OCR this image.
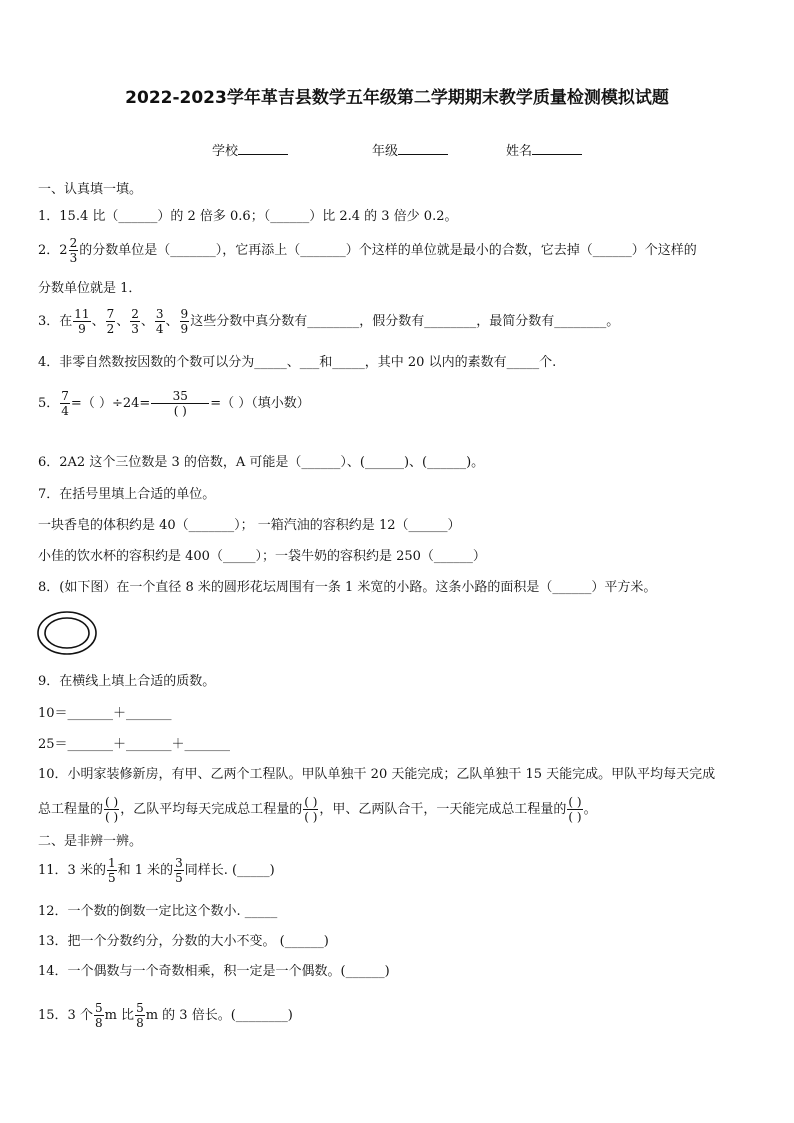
2022-2023学年革吉县数学五年级第二学期期末教学质量检测模拟试题
学校	年级	姓名
一、认真填一填。
1．15.4 比（______）的 2 倍多 0.6；（______）比 2.4 的 3 倍少 0.2。
2．$2 \frac{2}{3}$ 的分数单位是（_______），它再添上（_______）个这样的单位就是最小的合数，它去掉（______）个这样的
分数单位就是 1．
3．在 $\frac{11}{9}$ 、 $\frac{7}{2}$ 、 $\frac{2}{3}$ 、 $\frac{3}{4}$ 、 $\frac{9}{9}$ 这些分数中真分数有________，假分数有________，最简分数有________。
4．非零自然数按因数的个数可以分为_____、___和_____，其中 20 以内的素数有_____个.
5． $\frac{7}{4}$ =（ ）$\div 24= \frac{35}{( )}$ =（ ）（填小数）
6．2A2 这个三位数是 3 的倍数，A 可能是（______）、(______)、(______)。
7．在括号里填上合适的单位。
一块香皂的体积约是 40（_______）； 一箱汽油的容积约是 12（______）
小佳的饮水杯的容积约是 400（_____）；一袋牛奶的容积约是 250（______）
8．(如下图）在一个直径 8 米的圆形花坛周围有一条 1 米宽的小路。这条小路的面积是（______）平方米。
9．在横线上填上合适的质数。
10＝_______＋_______
25＝_______＋_______＋_______
10．小明家装修新房，有甲、乙两个工程队。甲队单独干 20 天能完成；乙队单独干 15 天能完成。甲队平均每天完成
总工程量的 $\frac{( )}{( )}$ ，乙队平均每天完成总工程量的 $\frac{( )}{( )}$ ，甲、乙两队合干，一天能完成总工程量的 $\frac{( )}{( )}$ 。
二、是非辨一辨。
11．3 米的 $\frac{1}{5}$ 和 1 米的 $\frac{3}{5}$ 同样长. (_____)
12．一个数的倒数一定比这个数小. _____
13．把一个分数约分，分数的大小不变。 (______)
14．一个偶数与一个奇数相乘，积一定是一个偶数。(______)
15．3 个 $\frac{5}{8}$ m 比 $\frac{5}{8}$ m 的 3 倍长。(________)
